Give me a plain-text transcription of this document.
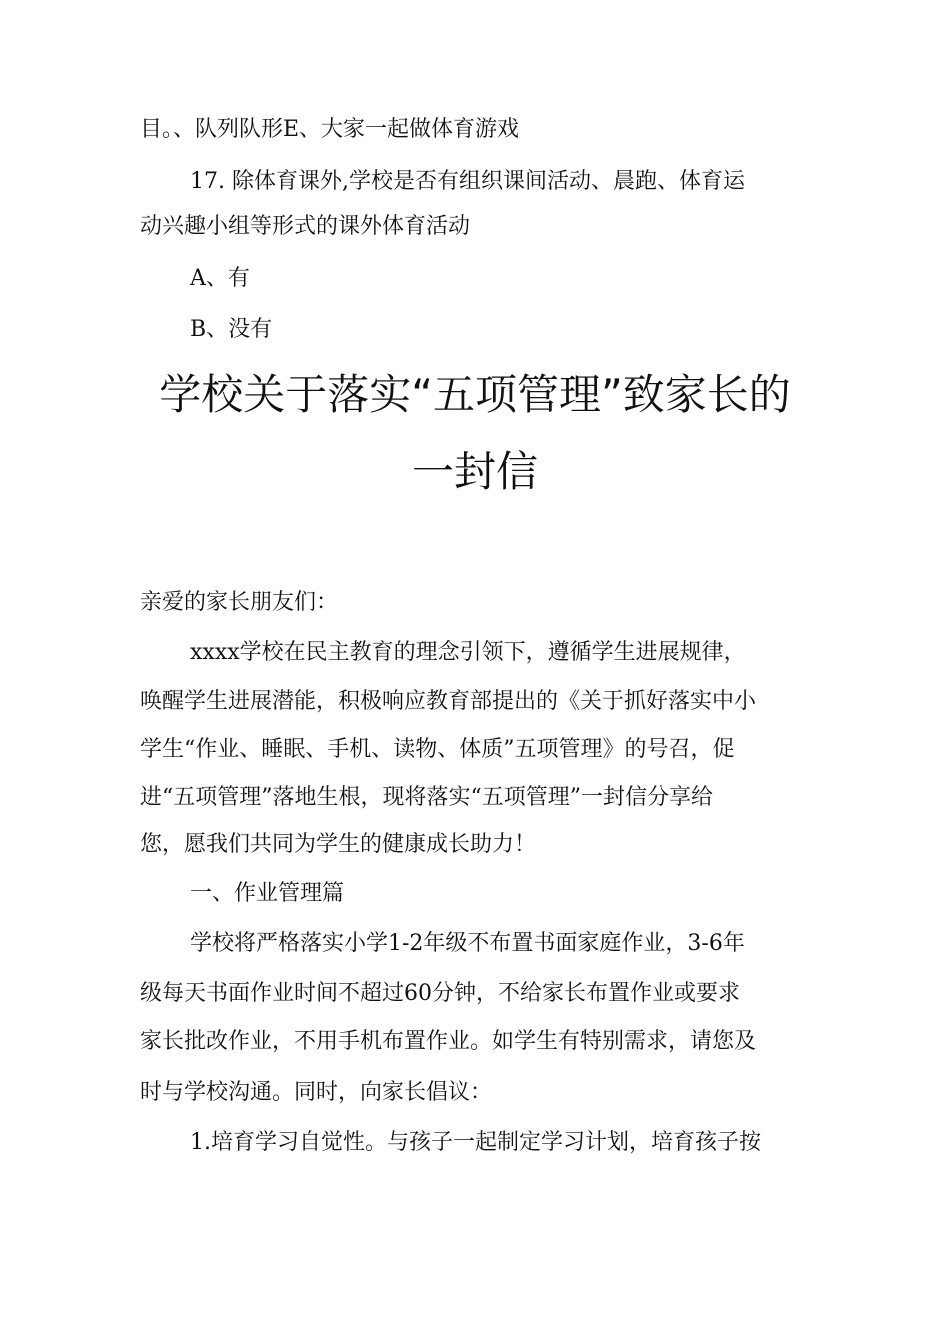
目。、队列队形E、大家一起做体育游戏
17. 除体育课外,学校是否有组织课间活动、晨跑、体育运
动兴趣小组等形式的课外体育活动
A、有
B、没有
学校关于落实“五项管理”致家长的
一封信
亲爱的家长朋友们：
xxxx学校在民主教育的理念引领下，遵循学生进展规律，
唤醒学生进展潜能，积极响应教育部提出的《关于抓好落实中小
学生“作业、睡眠、手机、读物、体质”五项管理》的号召，促
进“五项管理”落地生根，现将落实“五项管理”一封信分享给
您，愿我们共同为学生的健康成长助力！
一、作业管理篇
学校将严格落实小学1-2年级不布置书面家庭作业，3-6年
级每天书面作业时间不超过60分钟，不给家长布置作业或要求
家长批改作业，不用手机布置作业。如学生有特别需求，请您及
时与学校沟通。同时，向家长倡议：
1.培育学习自觉性。与孩子一起制定学习计划，培育孩子按
